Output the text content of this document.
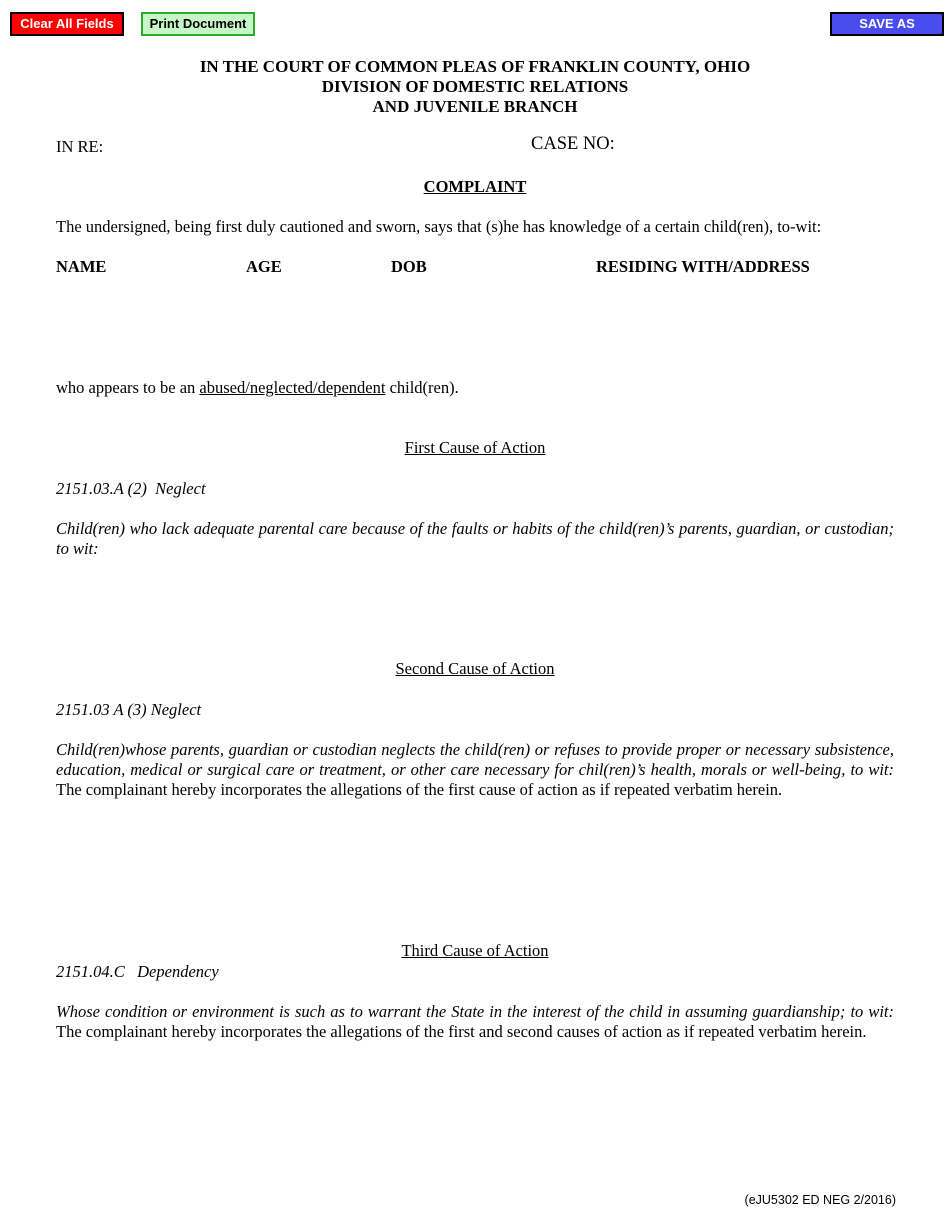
Clear All Fields	Print Document	SAVE AS
IN THE COURT OF COMMON PLEAS OF FRANKLIN COUNTY, OHIO
DIVISION OF DOMESTIC RELATIONS
AND JUVENILE BRANCH
IN RE:	CASE NO:
COMPLAINT
The undersigned, being first duly cautioned and sworn, says that (s)he has knowledge of a certain child(ren), to-wit:
NAME	AGE	DOB	RESIDING WITH/ADDRESS
who appears to be an abused/neglected/dependent child(ren).
First Cause of Action
2151.03.A (2)  Neglect
Child(ren) who lack adequate parental care because of the faults or habits of the child(ren)’s parents, guardian, or custodian; to wit:
Second Cause of Action
2151.03 A (3) Neglect
Child(ren)whose parents, guardian or custodian neglects the child(ren) or refuses to provide proper or necessary subsistence, education, medical or surgical care or treatment, or other care necessary for chil(ren)’s health, morals or well-being, to wit: The complainant hereby incorporates the allegations of the first cause of action as if repeated verbatim herein.
Third Cause of Action
2151.04.C   Dependency
Whose condition or environment is such as to warrant the State in the interest of the child in assuming guardianship; to wit: The complainant hereby incorporates the allegations of the first and second causes of action as if repeated verbatim herein.
(eJU5302 ED NEG 2/2016)
